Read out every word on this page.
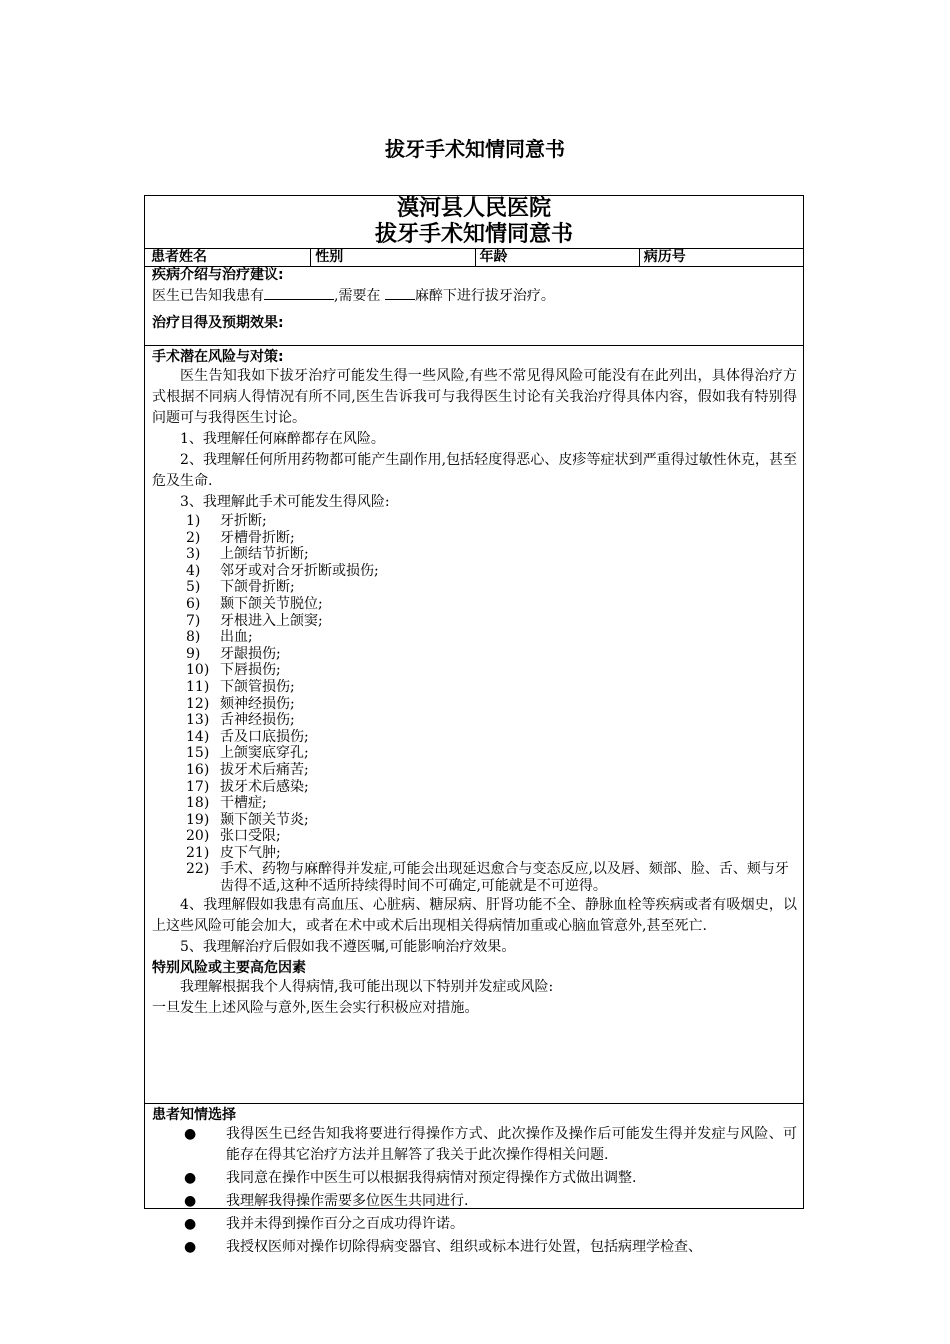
拔牙手术知情同意书
漠河县人民医院
拔牙手术知情同意书
患者姓名	性别	年龄	病历号
疾病介绍与治疗建议:

医生已告知我患有	,需要在 麻醉下进行拔牙治疗。

治疗目得及预期效果:
手术潜在风险与对策:

医生告知我如下拔牙治疗可能发生得一些风险,有些不常见得风险可能没有在此列出，具体得治疗方式根据不同病人得情况有所不同,医生告诉我可与我得医生讨论有关我治疗得具体内容，假如我有特别得问题可与我得医生讨论。

1、我理解任何麻醉都存在风险。

2、我理解任何所用药物都可能产生副作用,包括轻度得恶心、皮疹等症状到严重得过敏性休克，甚至危及生命.

3、我理解此手术可能发生得风险:

1)	牙折断;
2)	牙槽骨折断;
3)	上颌结节折断;
4)	邻牙或对合牙折断或损伤;
5)	下颌骨折断;
6)	颞下颌关节脱位;
7)	牙根进入上颌窦;
8)	出血;
9)	牙龈损伤;
10) 下唇损伤;
11) 下颌管损伤;
12) 颏神经损伤;
13) 舌神经损伤;
14) 舌及口底损伤;
15) 上颌窦底穿孔;
16) 拔牙术后痛苦;
17) 拔牙术后感染;
18) 干槽症;
19) 颞下颌关节炎;
20) 张口受限;
21) 皮下气肿;
22) 手术、药物与麻醉得并发症,可能会出现延迟愈合与变态反应,以及唇、颏部、脸、舌、颊与牙齿得不适,这种不适所持续得时间不可确定,可能就是不可逆得。

4、我理解假如我患有高血压、心脏病、糖尿病、肝肾功能不全、静脉血栓等疾病或者有吸烟史，以上这些风险可能会加大，或者在术中或术后出现相关得病情加重或心脑血管意外,甚至死亡.

5、我理解治疗后假如我不遵医嘱,可能影响治疗效果。

特别风险或主要高危因素

我理解根据我个人得病情,我可能出现以下特别并发症或风险:

一旦发生上述风险与意外,医生会实行积极应对措施。

患者知情选择
●	我得医生已经告知我将要进行得操作方式、此次操作及操作后可能发生得并发症与风险、可能存在得其它治疗方法并且解答了我关于此次操作得相关问题.
●	我同意在操作中医生可以根据我得病情对预定得操作方式做出调整.
●	我理解我得操作需要多位医生共同进行.
●	我并未得到操作百分之百成功得许诺。
●	我授权医师对操作切除得病变器官、组织或标本进行处置，包括病理学检查、
